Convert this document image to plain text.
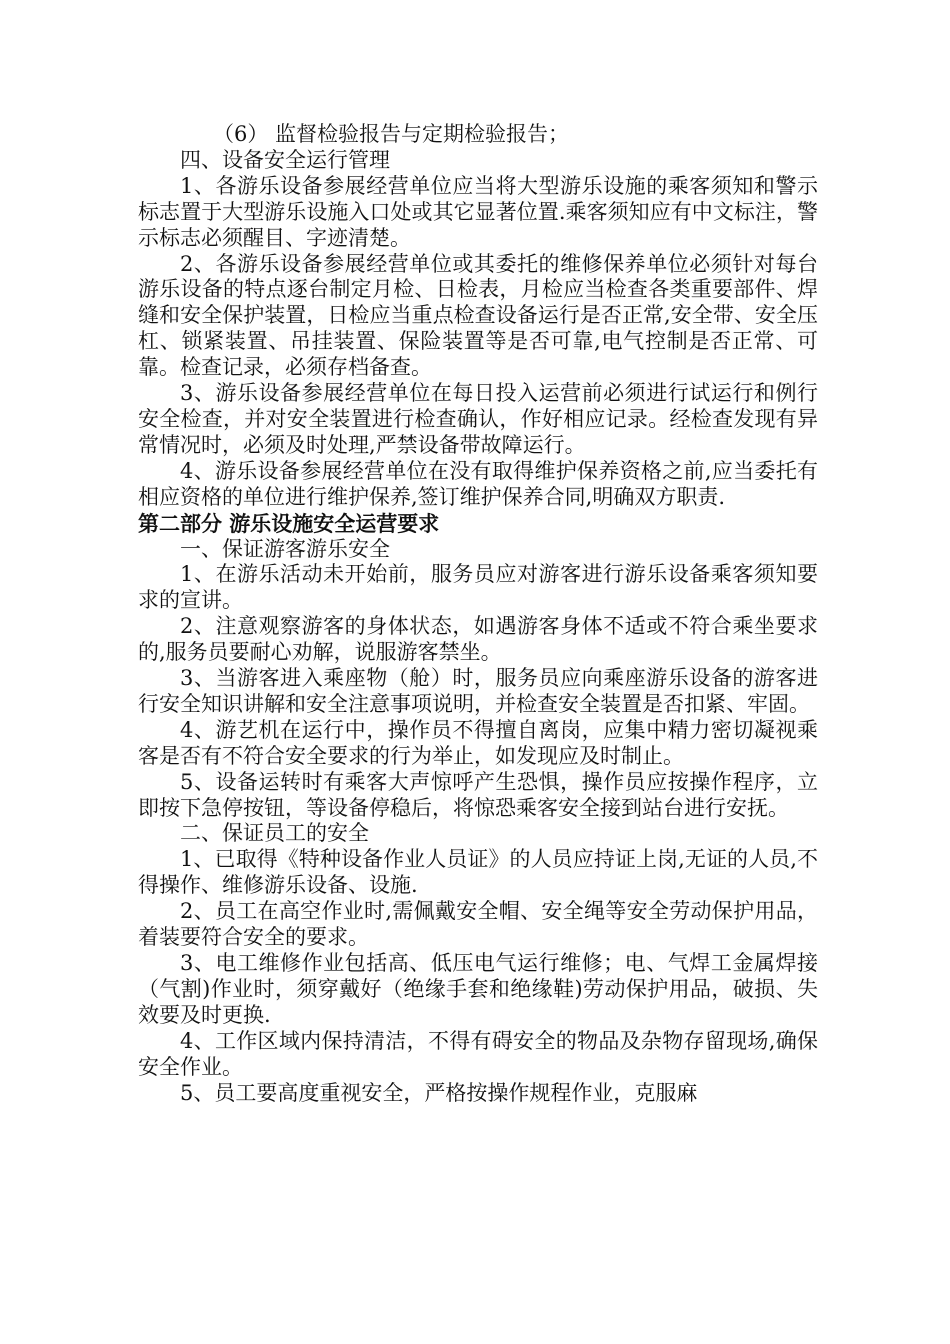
（6） 监督检验报告与定期检验报告；

四、设备安全运行管理

1、各游乐设备参展经营单位应当将大型游乐设施的乘客须知和警示标志置于大型游乐设施入口处或其它显著位置.乘客须知应有中文标注，警示标志必须醒目、字迹清楚。

2、各游乐设备参展经营单位或其委托的维修保养单位必须针对每台游乐设备的特点逐台制定月检、日检表，月检应当检查各类重要部件、焊缝和安全保护装置，日检应当重点检查设备运行是否正常,安全带、安全压杠、锁紧装置、吊挂装置、保险装置等是否可靠,电气控制是否正常、可靠。检查记录，必须存档备查。

3、游乐设备参展经营单位在每日投入运营前必须进行试运行和例行安全检查，并对安全装置进行检查确认，作好相应记录。经检查发现有异常情况时，必须及时处理,严禁设备带故障运行。

4、游乐设备参展经营单位在没有取得维护保养资格之前,应当委托有相应资格的单位进行维护保养,签订维护保养合同,明确双方职责.

第二部分 游乐设施安全运营要求

一、保证游客游乐安全

1、在游乐活动未开始前，服务员应对游客进行游乐设备乘客须知要求的宣讲。

2、注意观察游客的身体状态，如遇游客身体不适或不符合乘坐要求的,服务员要耐心劝解，说服游客禁坐。

3、当游客进入乘座物（舱）时，服务员应向乘座游乐设备的游客进行安全知识讲解和安全注意事项说明，并检查安全装置是否扣紧、牢固。

4、游艺机在运行中，操作员不得擅自离岗，应集中精力密切凝视乘客是否有不符合安全要求的行为举止，如发现应及时制止。

5、设备运转时有乘客大声惊呼产生恐惧，操作员应按操作程序，立即按下急停按钮，等设备停稳后，将惊恐乘客安全接到站台进行安抚。

二、保证员工的安全

1、已取得《特种设备作业人员证》的人员应持证上岗,无证的人员,不得操作、维修游乐设备、设施.

2、员工在高空作业时,需佩戴安全帽、安全绳等安全劳动保护用品，着装要符合安全的要求。

3、电工维修作业包括高、低压电气运行维修；电、气焊工金属焊接（气割)作业时，须穿戴好（绝缘手套和绝缘鞋)劳动保护用品，破损、失效要及时更换.

4、工作区域内保持清洁，不得有碍安全的物品及杂物存留现场,确保安全作业。

5、员工要高度重视安全，严格按操作规程作业，克服麻
